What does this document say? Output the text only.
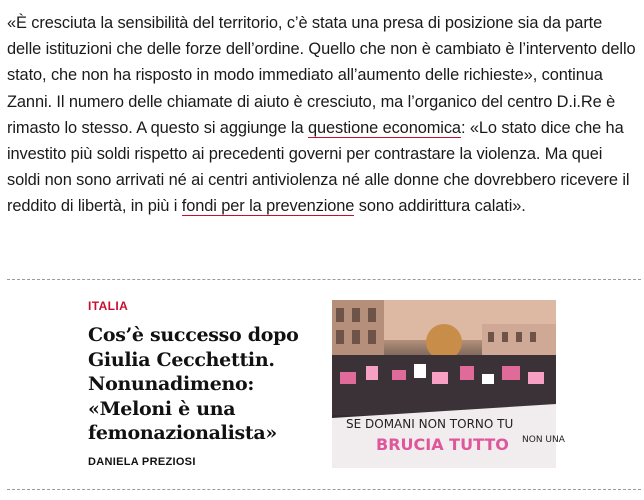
«È cresciuta la sensibilità del territorio, c’è stata una presa di posizione sia da parte delle istituzioni che delle forze dell’ordine. Quello che non è cambiato è l’intervento dello stato, che non ha risposto in modo immediato all’aumento delle richieste», continua Zanni. Il numero delle chiamate di aiuto è cresciuto, ma l’organico del centro D.i.Re è rimasto lo stesso. A questo si aggiunge la questione economica: «Lo stato dice che ha investito più soldi rispetto ai precedenti governi per contrastare la violenza. Ma quei soldi non sono arrivati né ai centri antiviolenza né alle donne che dovrebbero ricevere il reddito di libertà, in più i fondi per la prevenzione sono addirittura calati».

ITALIA
Cos’è successo dopo Giulia Cecchettin. Nonunadimeno: «Meloni è una femonazionalista»
DANIELA PREZIOSI
SE DOMANI NON TORNO TU
BRUCIA TUTTO NON UNA
